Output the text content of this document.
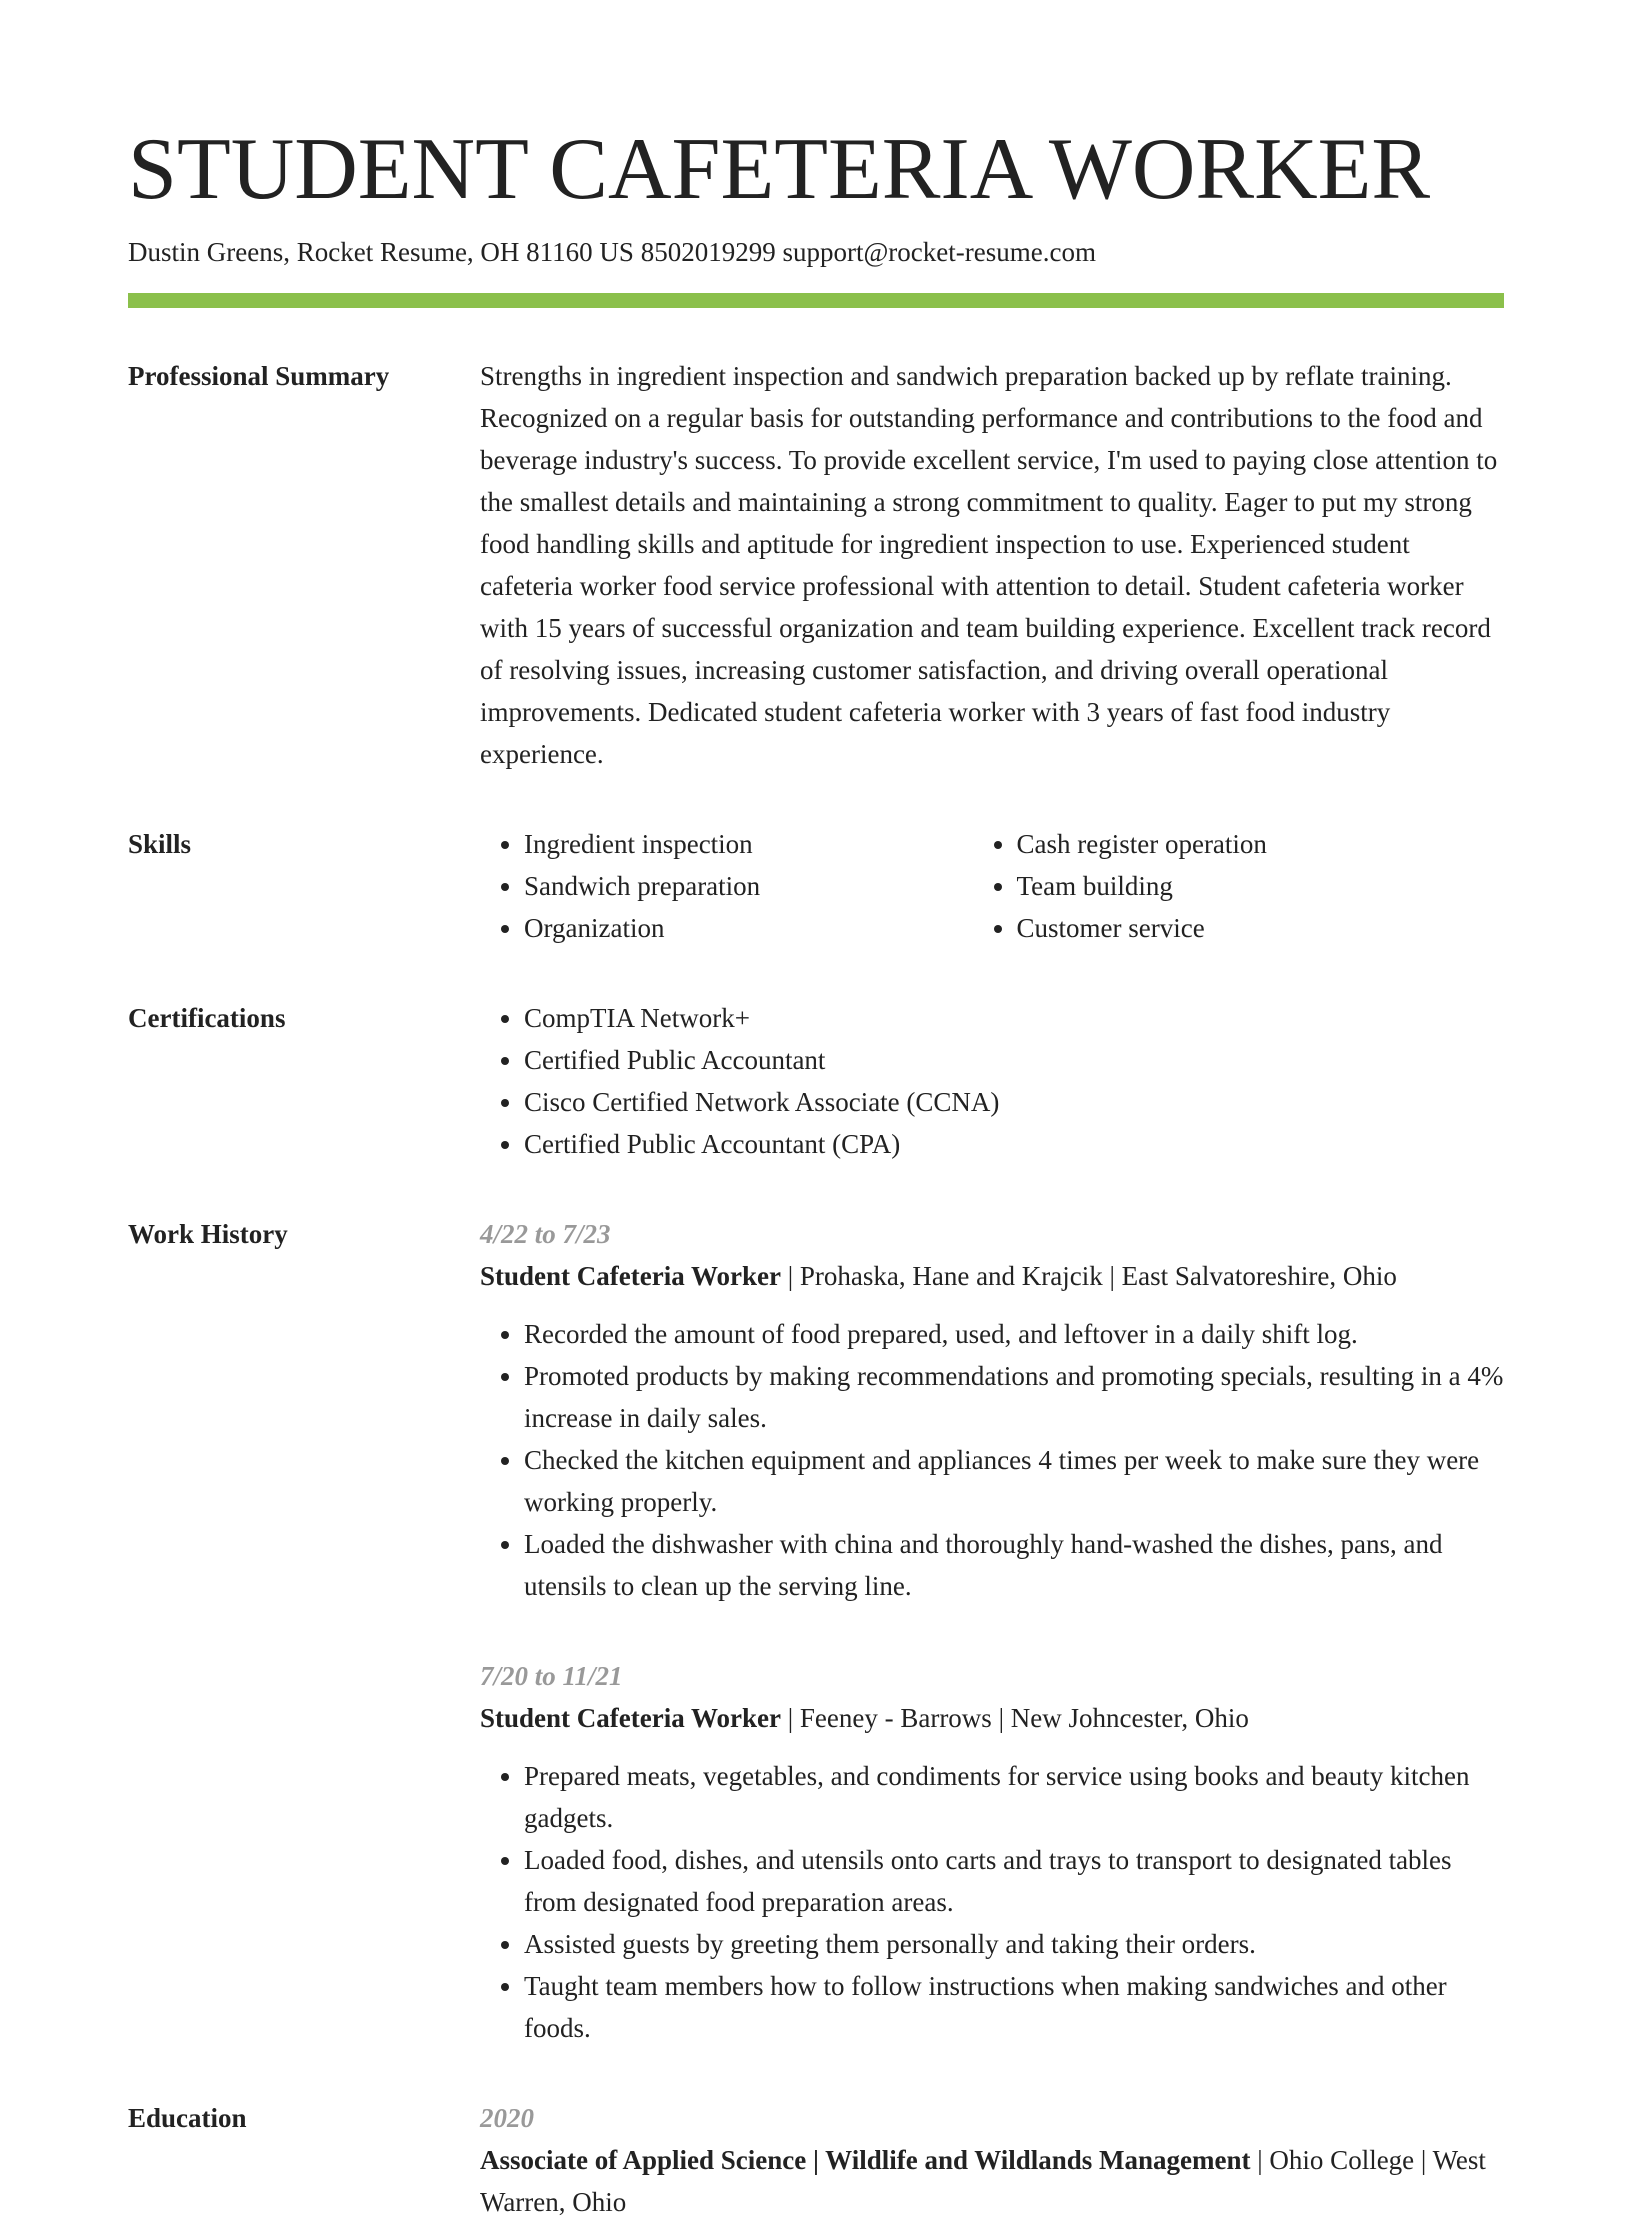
STUDENT CAFETERIA WORKER
Dustin Greens, Rocket Resume, OH 81160 US 8502019299 support@rocket-resume.com
Professional Summary	Strengths in ingredient inspection and sandwich preparation backed up by reflate training. Recognized on a regular basis for outstanding performance and contributions to the food and beverage industry's success. To provide excellent service, I'm used to paying close attention to the smallest details and maintaining a strong commitment to quality. Eager to put my strong food handling skills and aptitude for ingredient inspection to use. Experienced student cafeteria worker food service professional with attention to detail. Student cafeteria worker with 15 years of successful organization and team building experience. Excellent track record of resolving issues, increasing customer satisfaction, and driving overall operational improvements. Dedicated student cafeteria worker with 3 years of fast food industry experience.

Skills	• Ingredient inspection
• Sandwich preparation
• Organization
• Cash register operation
• Team building
• Customer service
Certifications	• CompTIA Network+
• Certified Public Accountant
• Cisco Certified Network Associate (CCNA)
• Certified Public Accountant (CPA)
Work History	4/22 to 7/23
Student Cafeteria Worker | Prohaska, Hane and Krajcik | East Salvatoreshire, Ohio
• Recorded the amount of food prepared, used, and leftover in a daily shift log.
• Promoted products by making recommendations and promoting specials, resulting in a 4% increase in daily sales.
• Checked the kitchen equipment and appliances 4 times per week to make sure they were working properly.
• Loaded the dishwasher with china and thoroughly hand-washed the dishes, pans, and utensils to clean up the serving line.
7/20 to 11/21
Student Cafeteria Worker | Feeney - Barrows | New Johncester, Ohio
• Prepared meats, vegetables, and condiments for service using books and beauty kitchen gadgets.
• Loaded food, dishes, and utensils onto carts and trays to transport to designated tables from designated food preparation areas.
• Assisted guests by greeting them personally and taking their orders.
• Taught team members how to follow instructions when making sandwiches and other foods.
Education	2020
Associate of Applied Science | Wildlife and Wildlands Management | Ohio College | West Warren, Ohio
